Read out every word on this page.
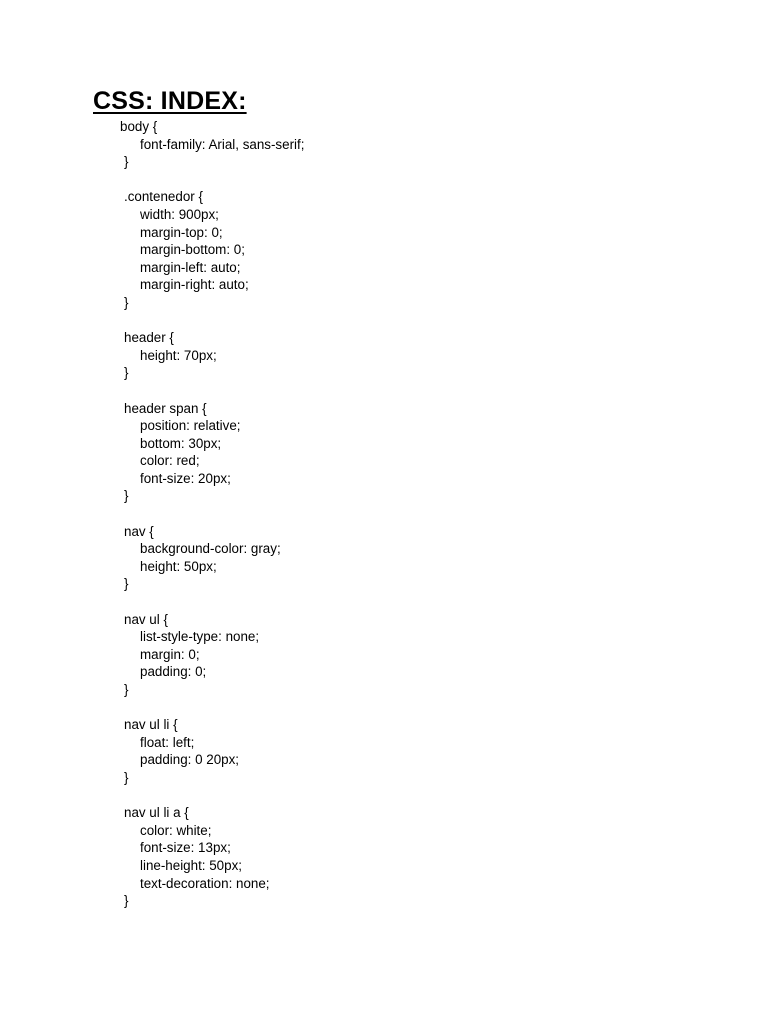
CSS: INDEX:
body {
font-family: Arial, sans-serif;
}
.contenedor {
width: 900px;
margin-top: 0;
margin-bottom: 0;
margin-left: auto;
margin-right: auto;
}
header {
height: 70px;
}
header span {
position: relative;
bottom: 30px;
color: red;
font-size: 20px;
}
nav {
background-color: gray;
height: 50px;
}
nav ul {
list-style-type: none;
margin: 0;
padding: 0;
}
nav ul li {
float: left;
padding: 0 20px;
}
nav ul li a {
color: white;
font-size: 13px;
line-height: 50px;
text-decoration: none;
}
